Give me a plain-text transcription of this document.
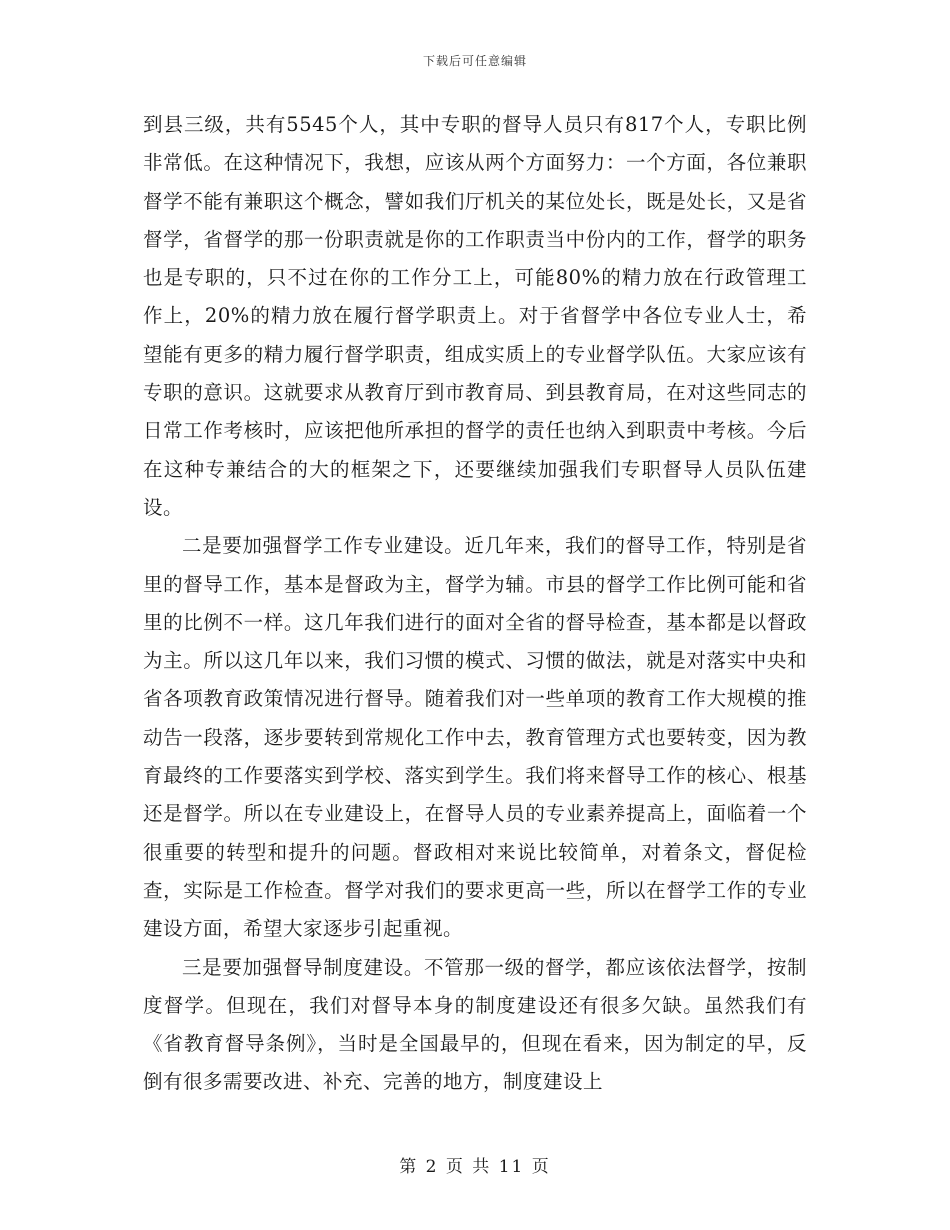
下载后可任意编辑

到县三级，共有5545个人，其中专职的督导人员只有817个人，专职比例非常低。在这种情况下，我想，应该从两个方面努力：一个方面，各位兼职督学不能有兼职这个概念，譬如我们厅机关的某位处长，既是处长，又是省督学，省督学的那一份职责就是你的工作职责当中份内的工作，督学的职务也是专职的，只不过在你的工作分工上，可能80%的精力放在行政管理工作上，20%的精力放在履行督学职责上。对于省督学中各位专业人士，希望能有更多的精力履行督学职责，组成实质上的专业督学队伍。大家应该有专职的意识。这就要求从教育厅到市教育局、到县教育局，在对这些同志的日常工作考核时，应该把他所承担的督学的责任也纳入到职责中考核。今后在这种专兼结合的大的框架之下，还要继续加强我们专职督导人员队伍建设。

二是要加强督学工作专业建设。近几年来，我们的督导工作，特别是省里的督导工作，基本是督政为主，督学为辅。市县的督学工作比例可能和省里的比例不一样。这几年我们进行的面对全省的督导检查，基本都是以督政为主。所以这几年以来，我们习惯的模式、习惯的做法，就是对落实中央和省各项教育政策情况进行督导。随着我们对一些单项的教育工作大规模的推动告一段落，逐步要转到常规化工作中去，教育管理方式也要转变，因为教育最终的工作要落实到学校、落实到学生。我们将来督导工作的核心、根基还是督学。所以在专业建设上，在督导人员的专业素养提高上，面临着一个很重要的转型和提升的问题。督政相对来说比较简单，对着条文，督促检查，实际是工作检查。督学对我们的要求更高一些，所以在督学工作的专业建设方面，希望大家逐步引起重视。

三是要加强督导制度建设。不管那一级的督学，都应该依法督学，按制度督学。但现在，我们对督导本身的制度建设还有很多欠缺。虽然我们有《省教育督导条例》，当时是全国最早的，但现在看来，因为制定的早，反倒有很多需要改进、补充、完善的地方，制度建设上

第 2 页 共 11 页
